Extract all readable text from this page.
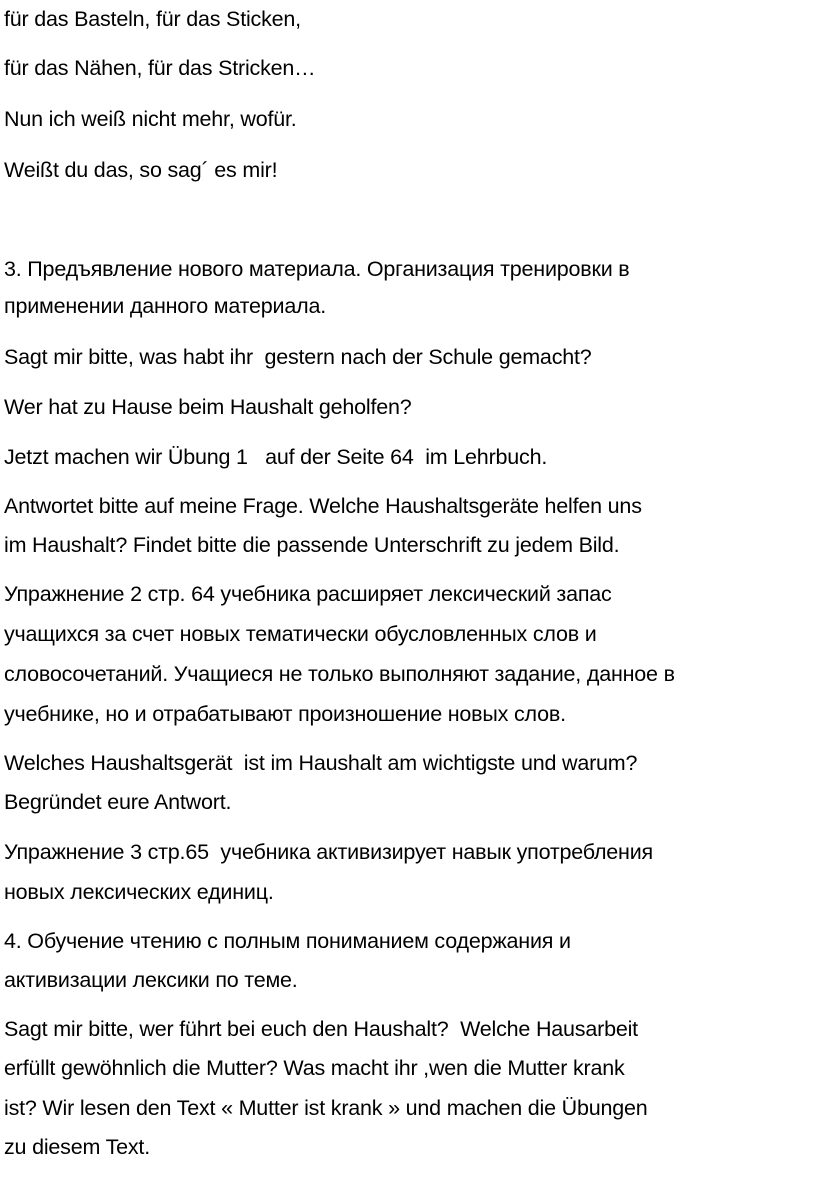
für das Basteln, für das Sticken,
für das Nähen, für das Stricken…
Nun ich weiß nicht mehr, wofür.
Weißt du das, so sag´ es mir!
3. Предъявление нового материала. Организация тренировки в
применении данного материала.
Sagt mir bitte, was habt ihr  gestern nach der Schule gemacht?
Wer hat zu Hause beim Haushalt geholfen?
Jetzt machen wir Übung 1   auf der Seite 64  im Lehrbuch.
Antwortet bitte auf meine Frage. Welche Haushaltsgeräte helfen uns
im Haushalt? Findet bitte die passende Unterschrift zu jedem Bild.
Упражнение 2 стр. 64 учебника расширяет лексический запас
учащихся за счет новых тематически обусловленных слов и
словосочетаний. Учащиеся не только выполняют задание, данное в
учебнике, но и отрабатывают произношение новых слов.
Welches Haushaltsgerät  ist im Haushalt am wichtigste und warum?
Begründet eure Antwort.
Упражнение 3 стр.65  учебника активизирует навык употребления
новых лексических единиц.
4. Обучение чтению с полным пониманием содержания и
активизации лексики по теме.
Sagt mir bitte, wer führt bei euch den Haushalt?  Welche Hausarbeit
erfüllt gewöhnlich die Mutter? Was macht ihr ,wen die Mutter krank
ist? Wir lesen den Text « Mutter ist krank » und machen die Übungen
zu diesem Text.
